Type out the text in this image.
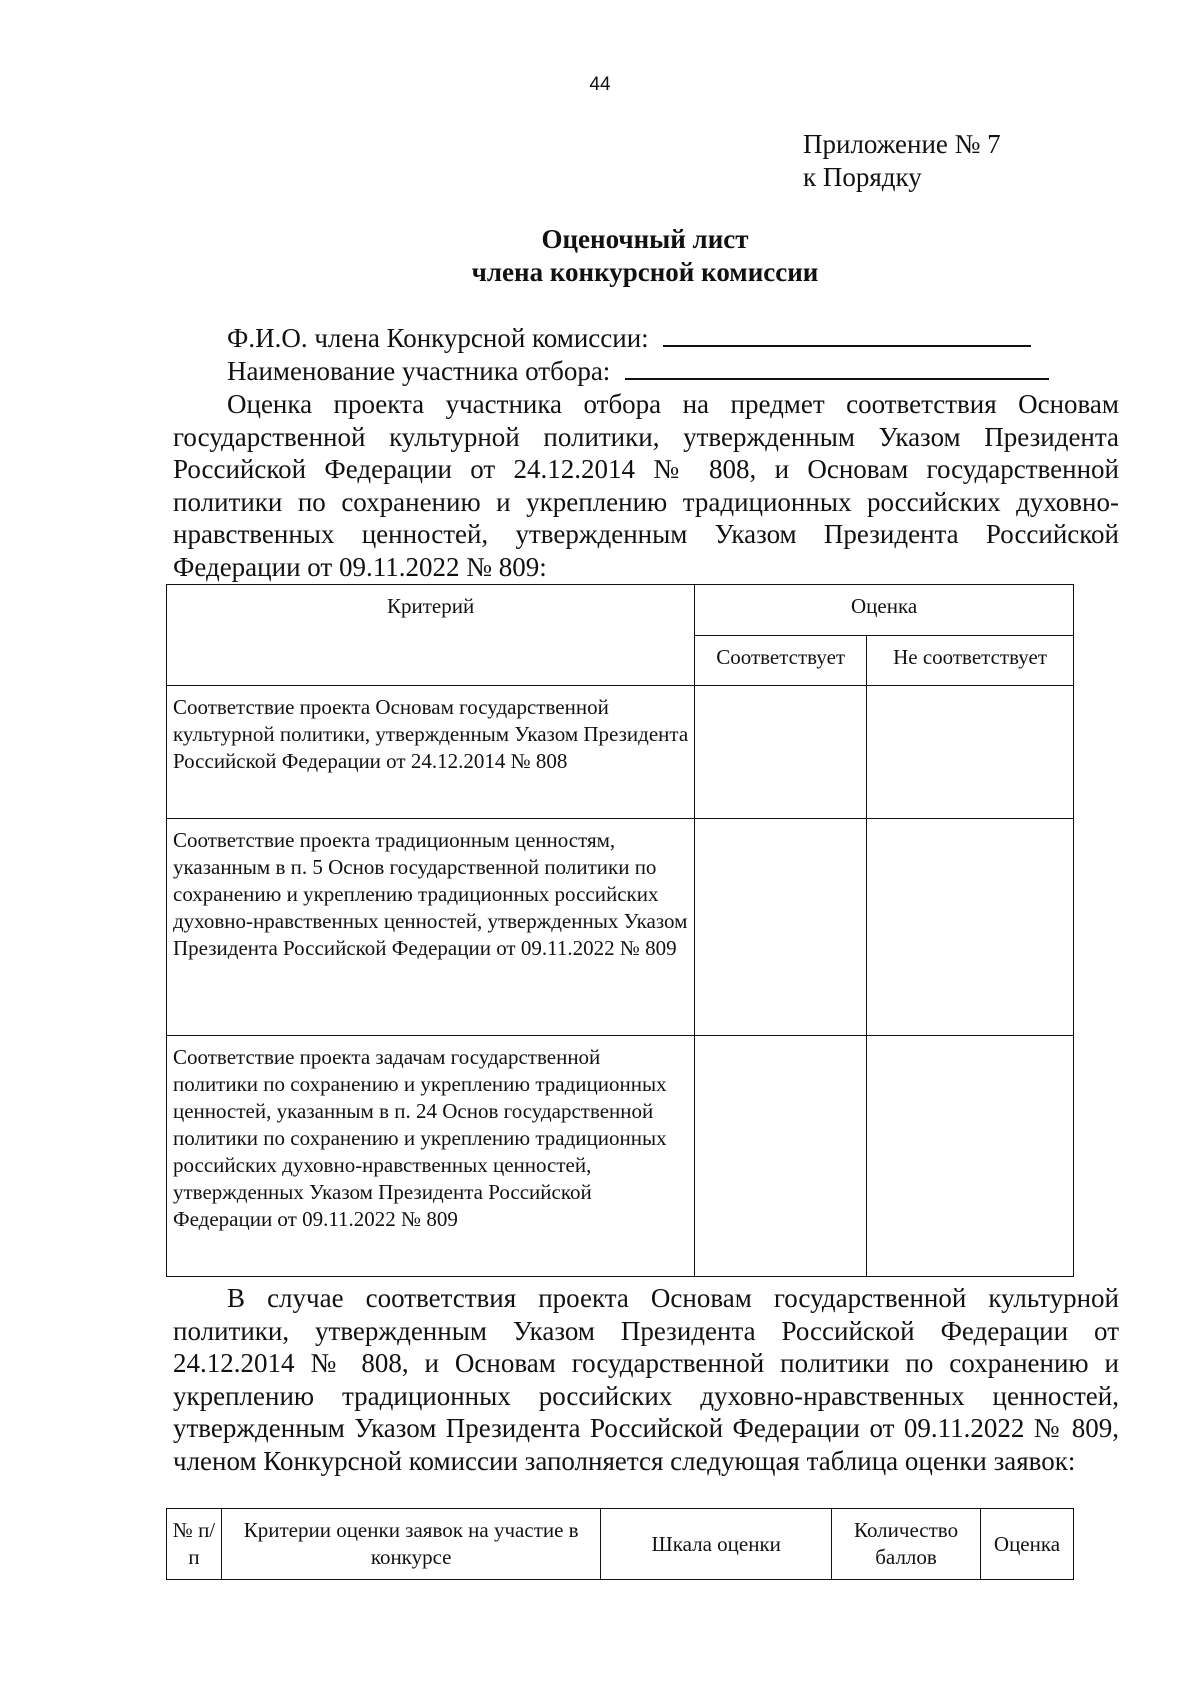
44
Приложение № 7
к Порядку
Оценочный лист
члена конкурсной комиссии
Ф.И.О. члена Конкурсной комиссии:
Наименование участника отбора:

Оценка проекта участника отбора на предмет соответствия Основам государственной культурной политики, утвержденным Указом Президента Российской Федерации от 24.12.2014 № 808, и Основам государственной политики по сохранению и укреплению традиционных российских духовно-нравственных ценностей, утвержденным Указом Президента Российской Федерации от 09.11.2022 № 809:

Критерий	Оценка	
	Соответствует	Не соответствует
Соответствие проекта Основам государственной культурной политики, утвержденным Указом Президента Российской Федерации от 24.12.2014 № 808		
Соответствие проекта традиционным ценностям, указанным в п. 5 Основ государственной политики по сохранению и укреплению традиционных российских духовно-нравственных ценностей, утвержденных Указом Президента Российской Федерации от 09.11.2022 № 809		
Соответствие проекта задачам государственной политики по сохранению и укреплению традиционных ценностей, указанным в п. 24 Основ государственной политики по сохранению и укреплению традиционных российских духовно-нравственных ценностей, утвержденных Указом Президента Российской Федерации от 09.11.2022 № 809		

В случае соответствия проекта Основам государственной культурной политики, утвержденным Указом Президента Российской Федерации от 24.12.2014 № 808, и Основам государственной политики по сохранению и укреплению традиционных российских духовно-нравственных ценностей, утвержденным Указом Президента Российской Федерации от 09.11.2022 № 809, членом Конкурсной комиссии заполняется следующая таблица оценки заявок:

№ п/п	Критерии оценки заявок на участие в конкурсе	Шкала оценки	Количество баллов	Оценка
